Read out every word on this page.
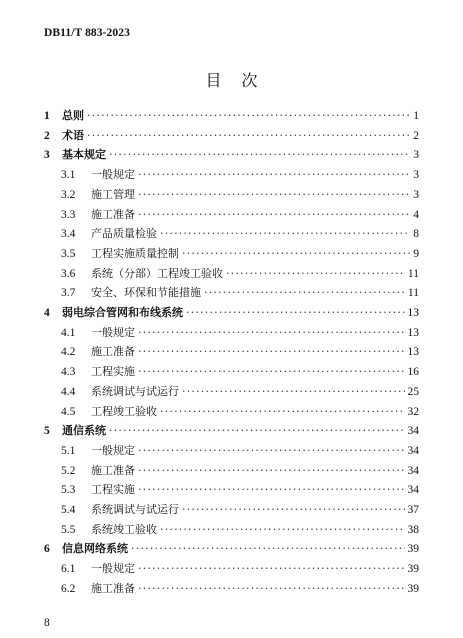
DB11/T 883-2023
目次
1	总则 ·····	1
2	术语 ·····	2
3	基本规定 ·····	3
3.1	一般规定 ·····	3
3.2	施工管理 ·····	3
3.3	施工准备 ·····	4
3.4	产品质量检验 ·····	8
3.5	工程实施质量控制 ·····	9
3.6	系统（分部）工程竣工验收 ·····	11
3.7	安全、环保和节能措施 ·····	11
4	弱电综合管网和布线系统 ·····	13
4.1	一般规定 ·····	13
4.2	施工准备 ·····	13
4.3	工程实施 ·····	16
4.4	系统调试与试运行 ·····	25
4.5	工程竣工验收 ·····	32
5	通信系统 ·····	34
5.1	一般规定 ·····	34
5.2	施工准备 ·····	34
5.3	工程实施 ·····	34
5.4	系统调试与试运行 ·····	37
5.5	系统竣工验收 ·····	38
6	信息网络系统 ·····	39
6.1	一般规定 ·····	39
6.2	施工准备 ·····	39
8
